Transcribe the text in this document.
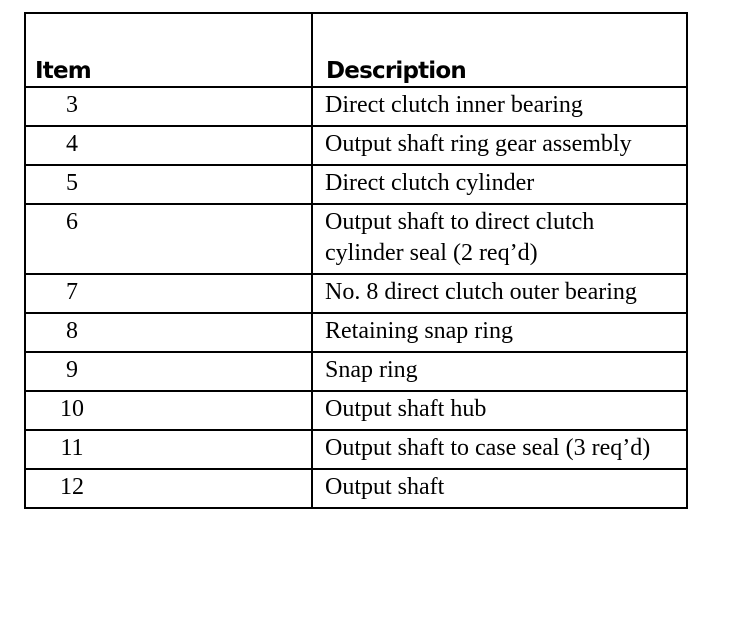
Item	Description
3	Direct clutch inner bearing
4	Output shaft ring gear assembly
5	Direct clutch cylinder
6	Output shaft to direct clutch cylinder seal (2 req’d)
7	No. 8 direct clutch outer bearing
8	Retaining snap ring
9	Snap ring
10	Output shaft hub
11	Output shaft to case seal (3 req’d)
12	Output shaft
